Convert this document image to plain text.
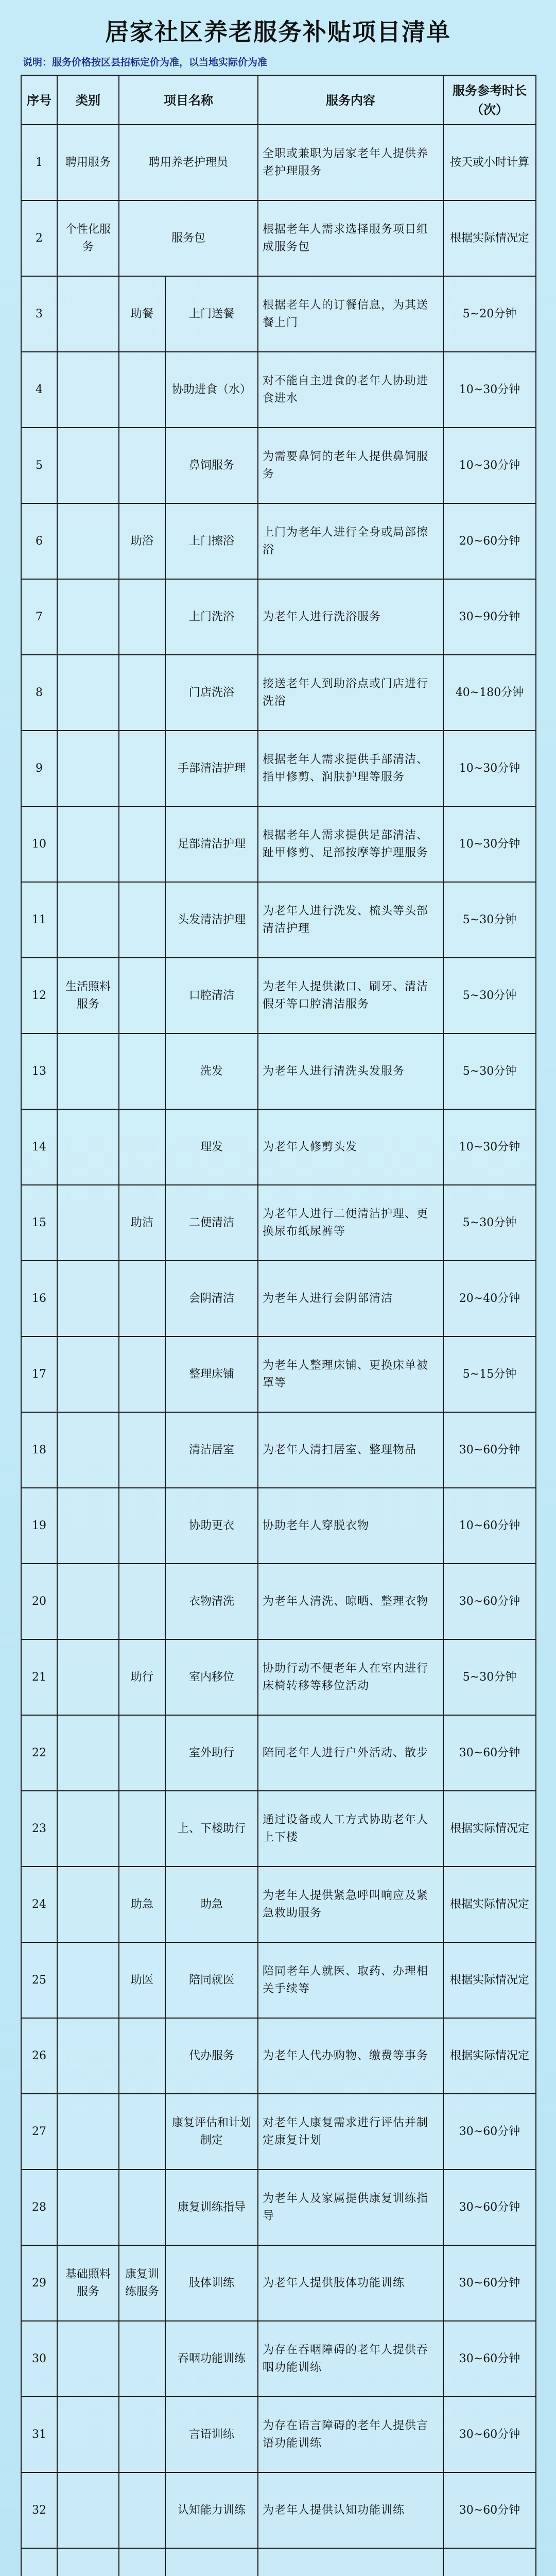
居家社区养老服务补贴项目清单
说明：服务价格按区县招标定价为准，以当地实际价为准
序号	类别	项目名称		服务内容	服务参考时长（次）
1	聘用服务	聘用养老护理员		全职或兼职为居家老年人提供养老护理服务	按天或小时计算
2	个性化服务	服务包		根据老年人需求选择服务项目组成服务包	根据实际情况定
3		助餐	上门送餐	根据老年人的订餐信息，为其送餐上门	5~20分钟
4			协助进食（水）	对不能自主进食的老年人协助进食进水	10~30分钟
5			鼻饲服务	为需要鼻饲的老年人提供鼻饲服务	10~30分钟
6		助浴	上门擦浴	上门为老年人进行全身或局部擦浴	20~60分钟
7			上门洗浴	为老年人进行洗浴服务	30~90分钟
8			门店洗浴	接送老年人到助浴点或门店进行洗浴	40~180分钟
9			手部清洁护理	根据老年人需求提供手部清洁、指甲修剪、润肤护理等服务	10~30分钟
10			足部清洁护理	根据老年人需求提供足部清洁、趾甲修剪、足部按摩等护理服务	10~30分钟
11			头发清洁护理	为老年人进行洗发、梳头等头部清洁护理	5~30分钟
12	生活照料服务		口腔清洁	为老年人提供漱口、刷牙、清洁假牙等口腔清洁服务	5~30分钟
13			洗发	为老年人进行清洗头发服务	5~30分钟
14			理发	为老年人修剪头发	10~30分钟
15		助洁	二便清洁	为老年人进行二便清洁护理、更换尿布纸尿裤等	5~30分钟
16			会阴清洁	为老年人进行会阴部清洁	20~40分钟
17			整理床铺	为老年人整理床铺、更换床单被罩等	5~15分钟
18			清洁居室	为老年人清扫居室、整理物品	30~60分钟
19			协助更衣	协助老年人穿脱衣物	10~60分钟
20			衣物清洗	为老年人清洗、晾晒、整理衣物	30~60分钟
21		助行	室内移位	协助行动不便老年人在室内进行床椅转移等移位活动	5~30分钟
22			室外助行	陪同老年人进行户外活动、散步	30~60分钟
23			上、下楼助行	通过设备或人工方式协助老年人上下楼	根据实际情况定
24		助急	助急	为老年人提供紧急呼叫响应及紧急救助服务	根据实际情况定
25		助医	陪同就医	陪同老年人就医、取药、办理相关手续等	根据实际情况定
26			代办服务	为老年人代办购物、缴费等事务	根据实际情况定
27			康复评估和计划制定	对老年人康复需求进行评估并制定康复计划	30~60分钟
28			康复训练指导	为老年人及家属提供康复训练指导	30~60分钟
29	基础照料服务	康复训练服务	肢体训练	为老年人提供肢体功能训练	30~60分钟
30			吞咽功能训练	为存在吞咽障碍的老年人提供吞咽功能训练	30~60分钟
31			言语训练	为存在语言障碍的老年人提供言语功能训练	30~60分钟
32			认知能力训练	为老年人提供认知功能训练	30~60分钟
